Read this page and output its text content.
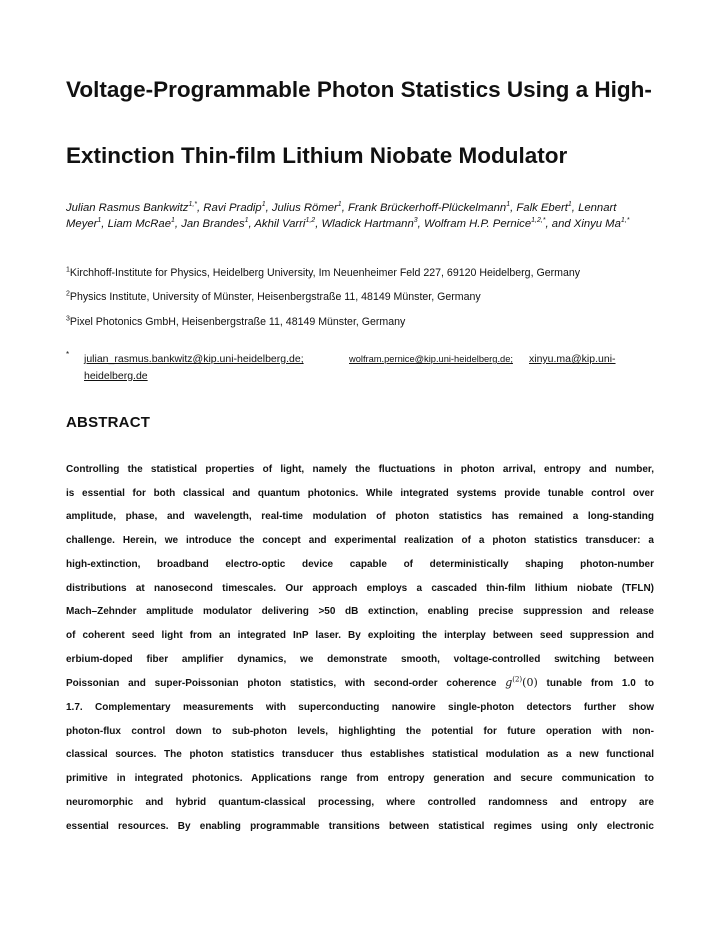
Voltage-Programmable Photon Statistics Using a High-
Extinction Thin-film Lithium Niobate Modulator

Julian Rasmus Bankwitz$^{1,*}$, Ravi Pradip$^1$, Julius Römer$^1$, Frank Brückerhoff-Plückelmann$^1$, Falk Ebert$^1$, Lennart Meyer$^1$, Liam McRae$^1$, Jan Brandes$^1$, Akhil Varri$^{1,2}$, Wladick Hartmann$^3$, Wolfram H.P. Pernice$^{1,2,*}$, and Xinyu $Ma^{1,*}$

$^1$Kirchhoff-Institute for Physics, Heidelberg University, Im Neuenheimer Feld 227, 69120 Heidelberg, Germany

$^2$Physics Institute, University of Münster, Heisenbergstraße 11, 48149 Münster, Germany

$^3$Pixel Photonics GmbH, Heisenbergstraße 11, 48149 Münster, Germany

* julian_rasmus.bankwitz@kip.uni-heidelberg.de;	wolfram.pernice@kip.uni-heidelberg.de; xinyu.ma@kip.uni-
heidelberg.de
ABSTRACT
Controlling the statistical properties of light, namely the fluctuations in photon arrival, entropy and number,
is essential for both classical and quantum photonics. While integrated systems provide tunable control over
amplitude, phase, and wavelength, real-time modulation of photon statistics has remained a long-standing
challenge. Herein, we introduce the concept and experimental realization of a photon statistics transducer: a
high-extinction, broadband electro-optic device capable of deterministically shaping photon-number
distributions at nanosecond timescales. Our approach employs a cascaded thin-film lithium niobate (TFLN)
Mach–Zehnder amplitude modulator delivering >50 dB extinction, enabling precise suppression and release
of coherent seed light from an integrated InP laser. By exploiting the interplay between seed suppression and
erbium-doped fiber amplifier dynamics, we demonstrate smooth, voltage-controlled switching between
Poissonian and super-Poissonian photon statistics, with second-order coherence $g^{(2)}(0)$ tunable from 1.0 to
1.7. Complementary measurements with superconducting nanowire single-photon detectors further show
photon-flux control down to sub-photon levels, highlighting the potential for future operation with non-
classical sources. The photon statistics transducer thus establishes statistical modulation as a new functional
primitive in integrated photonics. Applications range from entropy generation and secure communication to
neuromorphic and hybrid quantum-classical processing, where controlled randomness and entropy are
essential resources. By enabling programmable transitions between statistical regimes using only electronic
